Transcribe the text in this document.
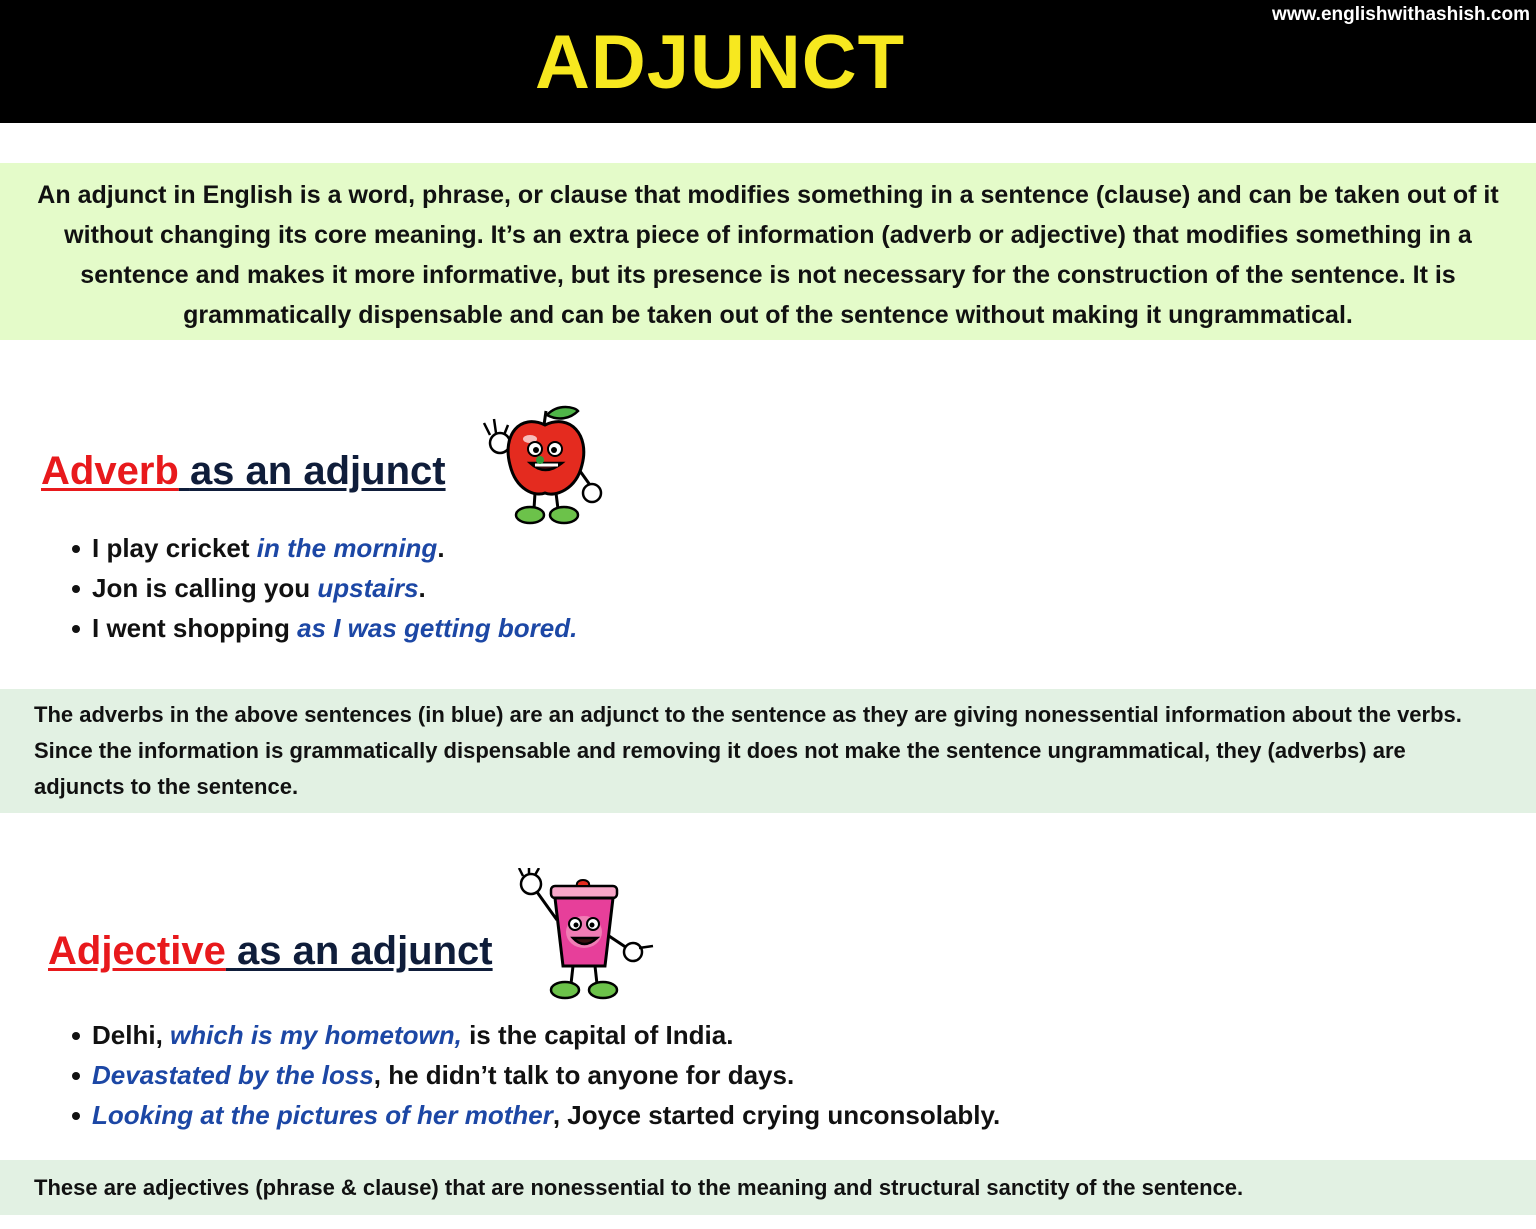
ADJUNCT
www.englishwithashish.com
An adjunct in English is a word, phrase, or clause that modifies something in a sentence (clause) and can be taken out of it without changing its core meaning. It’s an extra piece of information (adverb or adjective) that modifies something in a sentence and makes it more informative, but its presence is not necessary for the construction of the sentence. It is grammatically dispensable and can be taken out of the sentence without making it ungrammatical.
Adverb as an adjunct
I play cricket in the morning.
Jon is calling you upstairs.
I went shopping as I was getting bored.
The adverbs in the above sentences (in blue) are an adjunct to the sentence as they are giving nonessential information about the verbs. Since the information is grammatically dispensable and removing it does not make the sentence ungrammatical, they (adverbs) are adjuncts to the sentence.
Adjective as an adjunct
Delhi, which is my hometown, is the capital of India.
Devastated by the loss, he didn’t talk to anyone for days.
Looking at the pictures of her mother, Joyce started crying unconsolably.
These are adjectives (phrase & clause) that are nonessential to the meaning and structural sanctity of the sentence.
